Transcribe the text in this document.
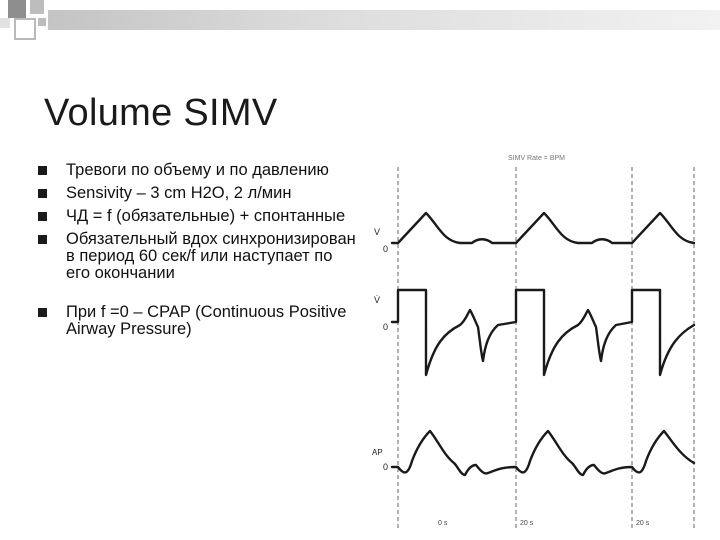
Volume SIMV
Тревоги по объему и по давлению
Sensivity – 3 cm H2O, 2 л/мин
ЧД = f (обязательные) + спонтанные
Обязательный вдох синхронизирован в период 60 сек/f или наступает по его окончании
При f =0 – CPAP (Continuous Positive Airway Pressure)
SIMV Rate = BPM
V
0
V̇
0
AP
0
0 s	20 s	20 s
